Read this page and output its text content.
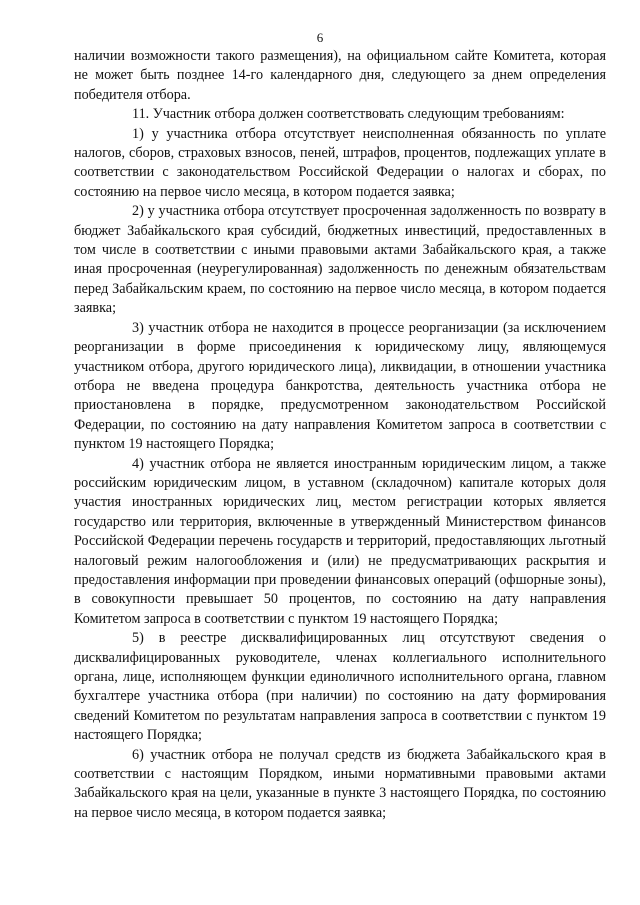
6

наличии возможности такого размещения), на официальном сайте Комитета, которая не может быть позднее 14-го календарного дня, следующего за днем определения победителя отбора.

11. Участник отбора должен соответствовать следующим требованиям:

1) у участника отбора отсутствует неисполненная обязанность по уплате налогов, сборов, страховых взносов, пеней, штрафов, процентов, подлежащих уплате в соответствии с законодательством Российской Федерации о налогах и сборах, по состоянию на первое число месяца, в котором подается заявка;

2) у участника отбора отсутствует просроченная задолженность по возврату в бюджет Забайкальского края субсидий, бюджетных инвестиций, предоставленных в том числе в соответствии с иными правовыми актами Забайкальского края, а также иная просроченная (неурегулированная) задолженность по денежным обязательствам перед Забайкальским краем, по состоянию на первое число месяца, в котором подается заявка;

3) участник отбора не находится в процессе реорганизации (за исключением реорганизации в форме присоединения к юридическому лицу, являющемуся участником отбора, другого юридического лица), ликвидации, в отношении участника отбора не введена процедура банкротства, деятельность участника отбора не приостановлена в порядке, предусмотренном законодательством Российской Федерации, по состоянию на дату направления Комитетом запроса в соответствии с пунктом 19 настоящего Порядка;

4) участник отбора не является иностранным юридическим лицом, а также российским юридическим лицом, в уставном (складочном) капитале которых доля участия иностранных юридических лиц, местом регистрации которых является государство или территория, включенные в утвержденный Министерством финансов Российской Федерации перечень государств и территорий, предоставляющих льготный налоговый режим налогообложения и (или) не предусматривающих раскрытия и предоставления информации при проведении финансовых операций (офшорные зоны), в совокупности превышает 50 процентов, по состоянию на дату направления Комитетом запроса в соответствии с пунктом 19 настоящего Порядка;

5) в реестре дисквалифицированных лиц отсутствуют сведения о дисквалифицированных руководителе, членах коллегиального исполнительного органа, лице, исполняющем функции единоличного исполнительного органа, главном бухгалтере участника отбора (при наличии) по состоянию на дату формирования сведений Комитетом по результатам направления запроса в соответствии с пунктом 19 настоящего Порядка;

6) участник отбора не получал средств из бюджета Забайкальского края в соответствии с настоящим Порядком, иными нормативными правовыми актами Забайкальского края на цели, указанные в пункте 3 настоящего Порядка, по состоянию на первое число месяца, в котором подается заявка;
